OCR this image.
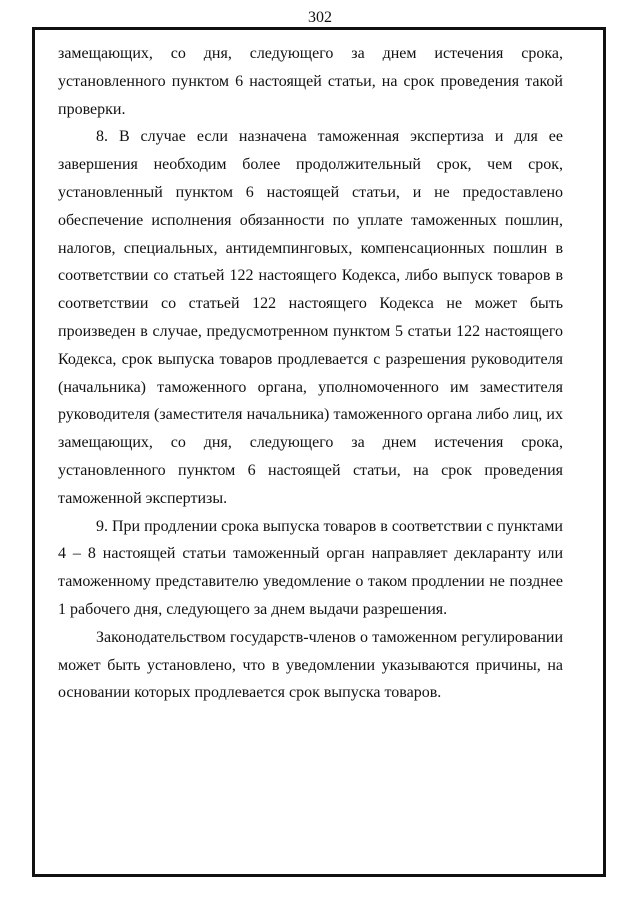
302

замещающих, со дня, следующего за днем истечения срока, установленного пунктом 6 настоящей статьи, на срок проведения такой проверки.

8. В случае если назначена таможенная экспертиза и для ее завершения необходим более продолжительный срок, чем срок, установленный пунктом 6 настоящей статьи, и не предоставлено обеспечение исполнения обязанности по уплате таможенных пошлин, налогов, специальных, антидемпинговых, компенсационных пошлин в соответствии со статьей 122 настоящего Кодекса, либо выпуск товаров в соответствии со статьей 122 настоящего Кодекса не может быть произведен в случае, предусмотренном пунктом 5 статьи 122 настоящего Кодекса, срок выпуска товаров продлевается с разрешения руководителя (начальника) таможенного органа, уполномоченного им заместителя руководителя (заместителя начальника) таможенного органа либо лиц, их замещающих, со дня, следующего за днем истечения срока, установленного пунктом 6 настоящей статьи, на срок проведения таможенной экспертизы.

9. При продлении срока выпуска товаров в соответствии с пунктами 4 – 8 настоящей статьи таможенный орган направляет декларанту или таможенному представителю уведомление о таком продлении не позднее 1 рабочего дня, следующего за днем выдачи разрешения.

Законодательством государств-членов о таможенном регулировании может быть установлено, что в уведомлении указываются причины, на основании которых продлевается срок выпуска товаров.
